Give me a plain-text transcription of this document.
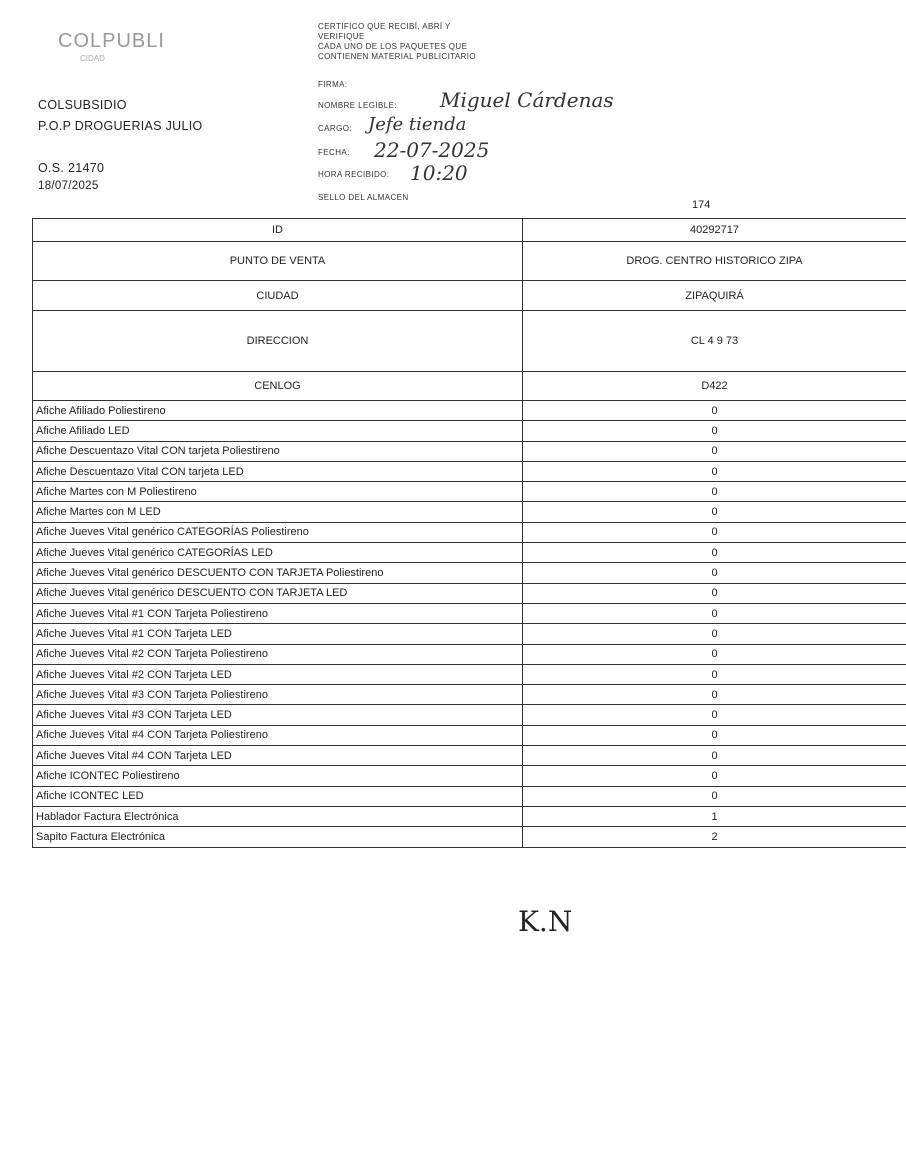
COLPUBLI
CIDAD
COLSUBSIDIO
P.O.P DROGUERIAS JULIO
O.S. 21470
18/07/2025
CERTIFICO QUE RECIBÍ, ABRÍ Y
VERIFIQUE
CADA UNO DE LOS PAQUETES QUE
CONTIENEN MATERIAL PUBLICITARIO
FIRMA:
NOMBRE LEGIBLE: Miguel Cárdenas
CARGO: Jefe tienda
FECHA: 22-07-2025
HORA RECIBIDO: 10:20
SELLO DEL ALMACEN
174
ID	40292717
PUNTO DE VENTA	DROG. CENTRO HISTORICO ZIPA
CIUDAD	ZIPAQUIRÁ
DIRECCION	CL 4 9 73
CENLOG	D422
Afiche Afiliado Poliestireno	0
Afiche Afiliado LED	0
Afiche Descuentazo Vital CON tarjeta Poliestireno	0
Afiche Descuentazo Vital CON tarjeta LED	0
Afiche Martes con M Poliestireno	0
Afiche Martes con M LED	0
Afiche Jueves Vital genérico CATEGORÍAS Poliestireno	0
Afiche Jueves Vital genérico CATEGORÍAS LED	0
Afiche Jueves Vital genérico DESCUENTO CON TARJETA Poliestireno	0
Afiche Jueves Vital genérico DESCUENTO CON TARJETA LED	0
Afiche Jueves Vital #1 CON Tarjeta Poliestireno	0
Afiche Jueves Vital #1 CON Tarjeta LED	0
Afiche Jueves Vital #2 CON Tarjeta Poliestireno	0
Afiche Jueves Vital #2 CON Tarjeta LED	0
Afiche Jueves Vital #3 CON Tarjeta Poliestireno	0
Afiche Jueves Vital #3 CON Tarjeta LED	0
Afiche Jueves Vital #4 CON Tarjeta Poliestireno	0
Afiche Jueves Vital #4 CON Tarjeta LED	0
Afiche ICONTEC Poliestireno	0
Afiche ICONTEC LED	0
Hablador Factura Electrónica	1
Sapito Factura Electrónica	2
K.N
